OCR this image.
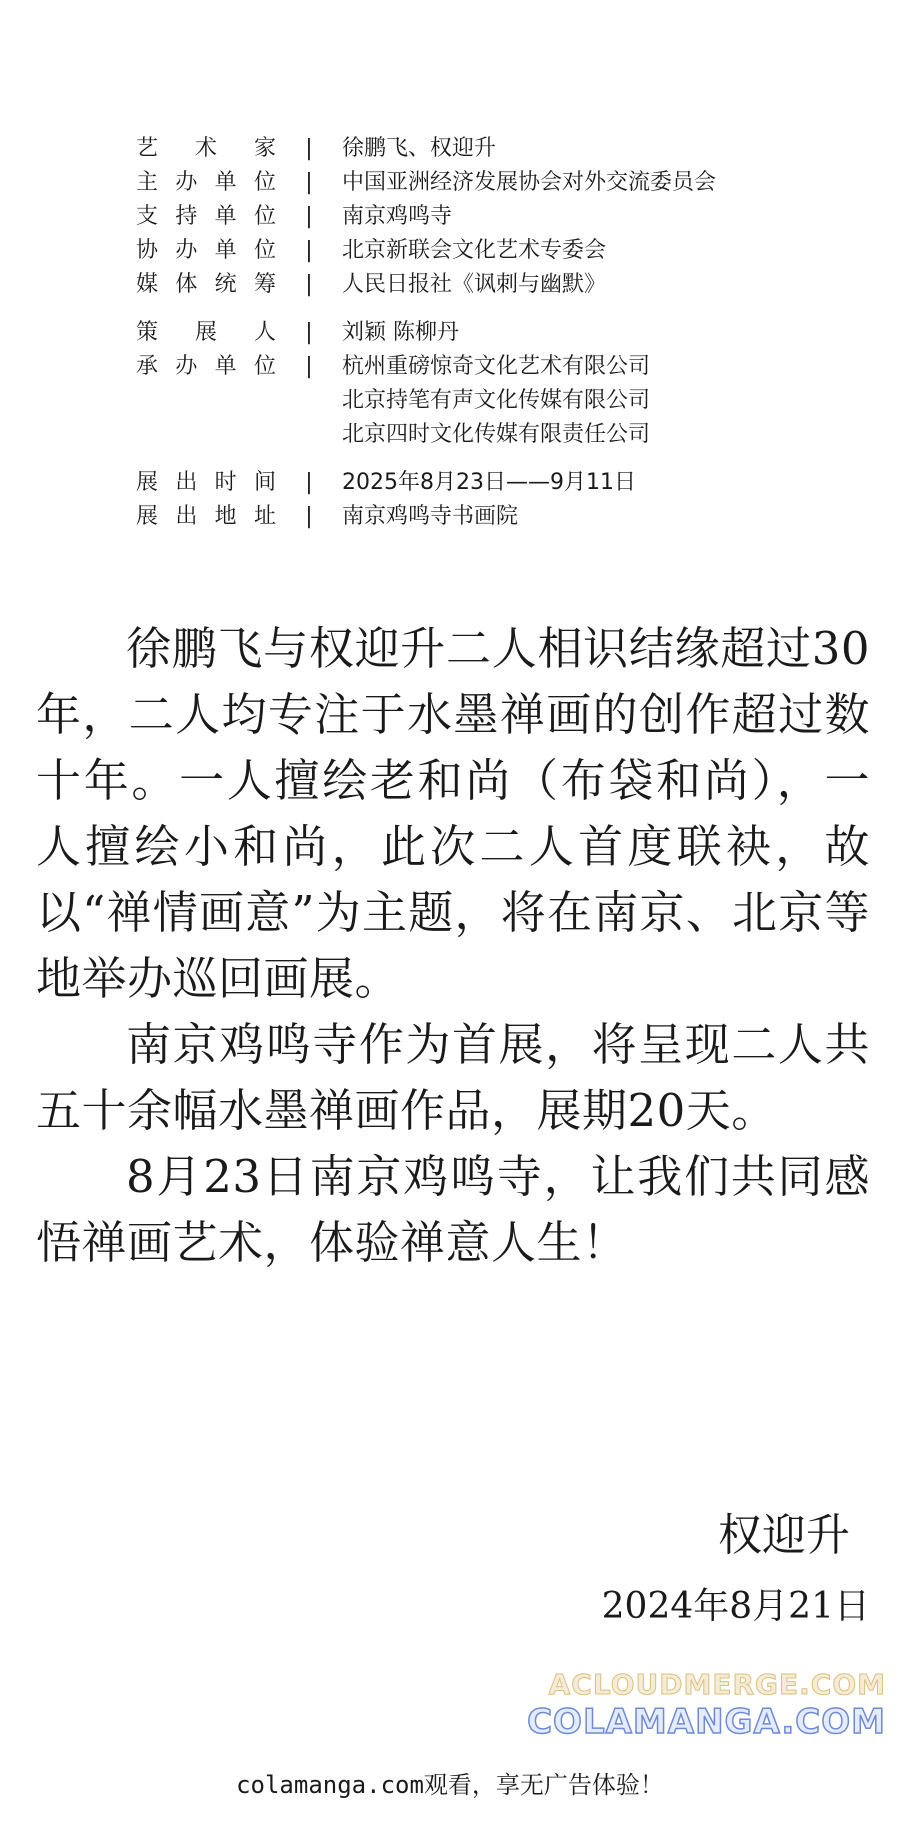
艺术家	|	徐鹏飞、权迎升
主办单位	|	中国亚洲经济发展协会对外交流委员会
支持单位	|	南京鸡鸣寺
协办单位	|	北京新联会文化艺术专委会
媒体统筹	|	人民日报社《讽刺与幽默》
策展人	|	刘颖 陈柳丹
承办单位	|	杭州重磅惊奇文化艺术有限公司
北京持笔有声文化传媒有限公司
北京四时文化传媒有限责任公司
展出时间	|	2025年8月23日——9月11日
展出地址	|	南京鸡鸣寺书画院

徐鹏飞与权迎升二人相识结缘超过30年，二人均专注于水墨禅画的创作超过数十年。一人擅绘老和尚（布袋和尚），一人擅绘小和尚，此次二人首度联袂，故以“禅情画意”为主题，将在南京、北京等地举办巡回画展。

南京鸡鸣寺作为首展，将呈现二人共五十余幅水墨禅画作品，展期20天。

8月23日南京鸡鸣寺，让我们共同感悟禅画艺术，体验禅意人生！

权迎升
2024年8月21日
ACLOUDMERGE.COM
COLAMANGA.COM
colamanga.com观看，享无广告体验！
